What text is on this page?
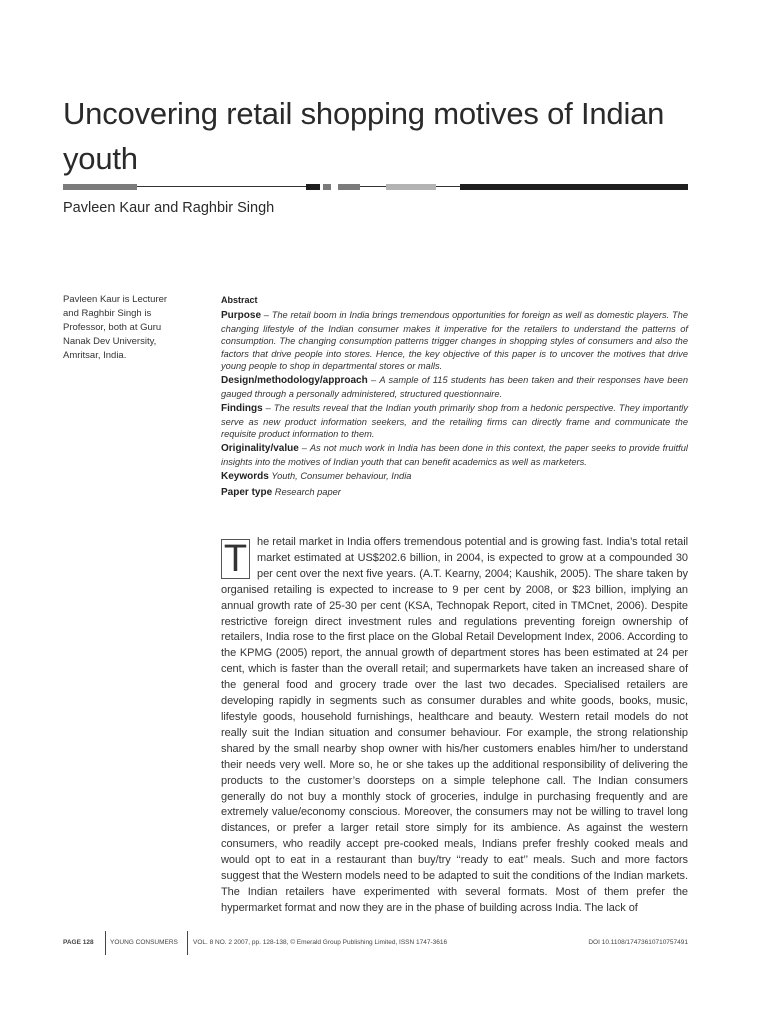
Uncovering retail shopping motives of Indian youth
Pavleen Kaur and Raghbir Singh
Pavleen Kaur is Lecturer and Raghbir Singh is Professor, both at Guru Nanak Dev University, Amritsar, India.
Abstract

Purpose – The retail boom in India brings tremendous opportunities for foreign as well as domestic players. The changing lifestyle of the Indian consumer makes it imperative for the retailers to understand the patterns of consumption. The changing consumption patterns trigger changes in shopping styles of consumers and also the factors that drive people into stores. Hence, the key objective of this paper is to uncover the motives that drive young people to shop in departmental stores or malls.

Design/methodology/approach – A sample of 115 students has been taken and their responses have been gauged through a personally administered, structured questionnaire.

Findings – The results reveal that the Indian youth primarily shop from a hedonic perspective. They importantly serve as new product information seekers, and the retailing firms can directly frame and communicate the requisite product information to them.

Originality/value – As not much work in India has been done in this context, the paper seeks to provide fruitful insights into the motives of Indian youth that can benefit academics as well as marketers.

Keywords Youth, Consumer behaviour, India

Paper type Research paper

T he retail market in India offers tremendous potential and is growing fast. India’s total retail market estimated at US$202.6 billion, in 2004, is expected to grow at a compounded 30 per cent over the next five years. (A.T. Kearny, 2004; Kaushik, 2005). The share taken by organised retailing is expected to increase to 9 per cent by 2008, or $23 billion, implying an annual growth rate of 25-30 per cent (KSA, Technopak Report, cited in TMCnet, 2006). Despite restrictive foreign direct investment rules and regulations preventing foreign ownership of retailers, India rose to the first place on the Global Retail Development Index, 2006. According to the KPMG (2005) report, the annual growth of department stores has been estimated at 24 per cent, which is faster than the overall retail; and supermarkets have taken an increased share of the general food and grocery trade over the last two decades. Specialised retailers are developing rapidly in segments such as consumer durables and white goods, books, music, lifestyle goods, household furnishings, healthcare and beauty. Western retail models do not really suit the Indian situation and consumer behaviour. For example, the strong relationship shared by the small nearby shop owner with his/her customers enables him/her to understand their needs very well. More so, he or she takes up the additional responsibility of delivering the products to the customer’s doorsteps on a simple telephone call. The Indian consumers generally do not buy a monthly stock of groceries, indulge in purchasing frequently and are extremely value/economy conscious. Moreover, the consumers may not be willing to travel long distances, or prefer a larger retail store simply for its ambience. As against the western consumers, who readily accept pre-cooked meals, Indians prefer freshly cooked meals and would opt to eat in a restaurant than buy/try ‘‘ready to eat’’ meals. Such and more factors suggest that the Western models need to be adapted to suit the conditions of the Indian markets. The Indian retailers have experimented with several formats. Most of them prefer the hypermarket format and now they are in the phase of building across India. The lack of
PAGE 128	YOUNG CONSUMERS VOL. 8 NO. 2 2007, pp. 128-138, © Emerald Group Publishing Limited, ISSN 1747-3616	DOI 10.1108/17473610710757491
